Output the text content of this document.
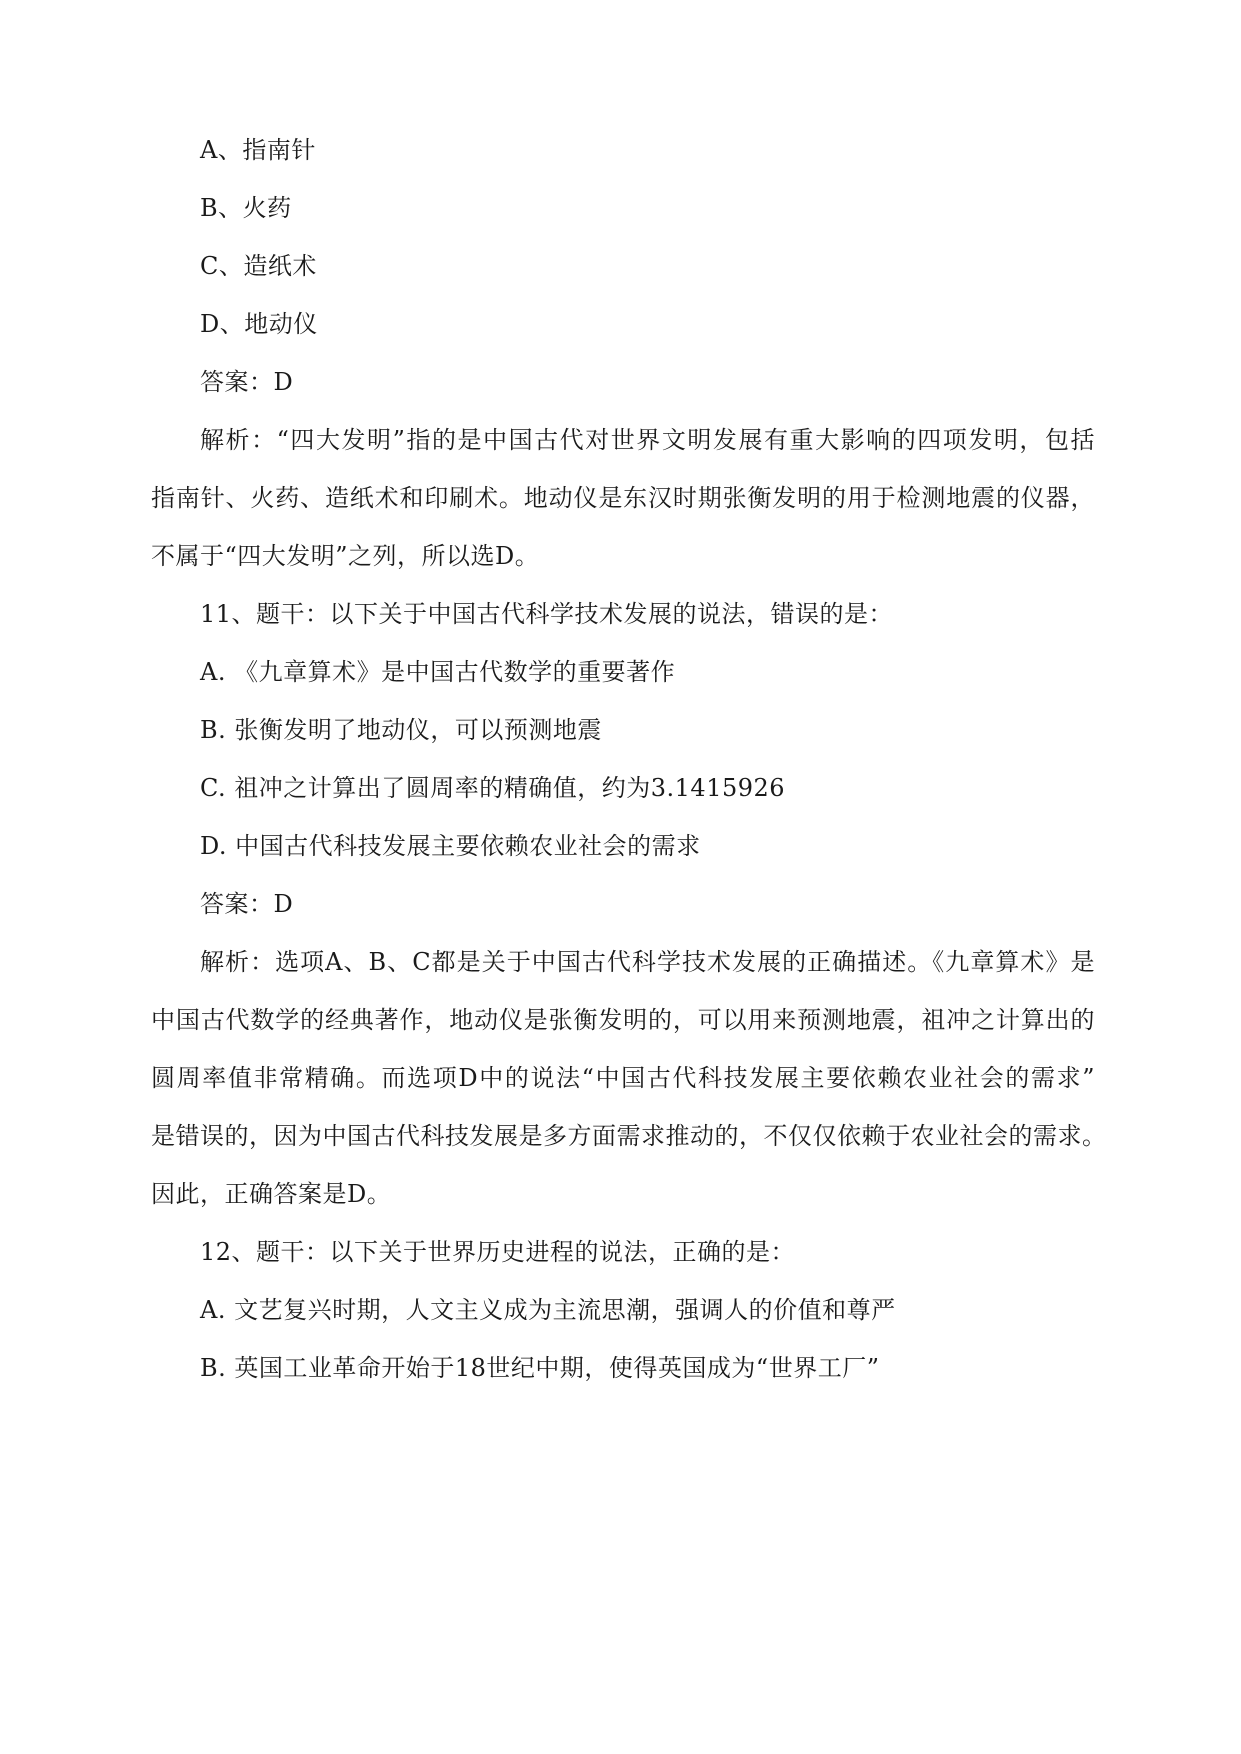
A、指南针
B、火药
C、造纸术
D、地动仪
答案：D
解析：“四大发明”指的是中国古代对世界文明发展有重大影响的四项发明，包括
指南针、火药、造纸术和印刷术。地动仪是东汉时期张衡发明的用于检测地震的仪器，
不属于“四大发明”之列，所以选D。
11、题干：以下关于中国古代科学技术发展的说法，错误的是：
A. 《九章算术》是中国古代数学的重要著作
B. 张衡发明了地动仪，可以预测地震
C. 祖冲之计算出了圆周率的精确值，约为3.1415926
D. 中国古代科技发展主要依赖农业社会的需求
答案：D
解析：选项A、B、C都是关于中国古代科学技术发展的正确描述。《九章算术》是
中国古代数学的经典著作，地动仪是张衡发明的，可以用来预测地震，祖冲之计算出的
圆周率值非常精确。而选项D中的说法“中国古代科技发展主要依赖农业社会的需求”
是错误的，因为中国古代科技发展是多方面需求推动的，不仅仅依赖于农业社会的需求。
因此，正确答案是D。
12、题干：以下关于世界历史进程的说法，正确的是：
A. 文艺复兴时期，人文主义成为主流思潮，强调人的价值和尊严
B. 英国工业革命开始于18世纪中期，使得英国成为“世界工厂”
